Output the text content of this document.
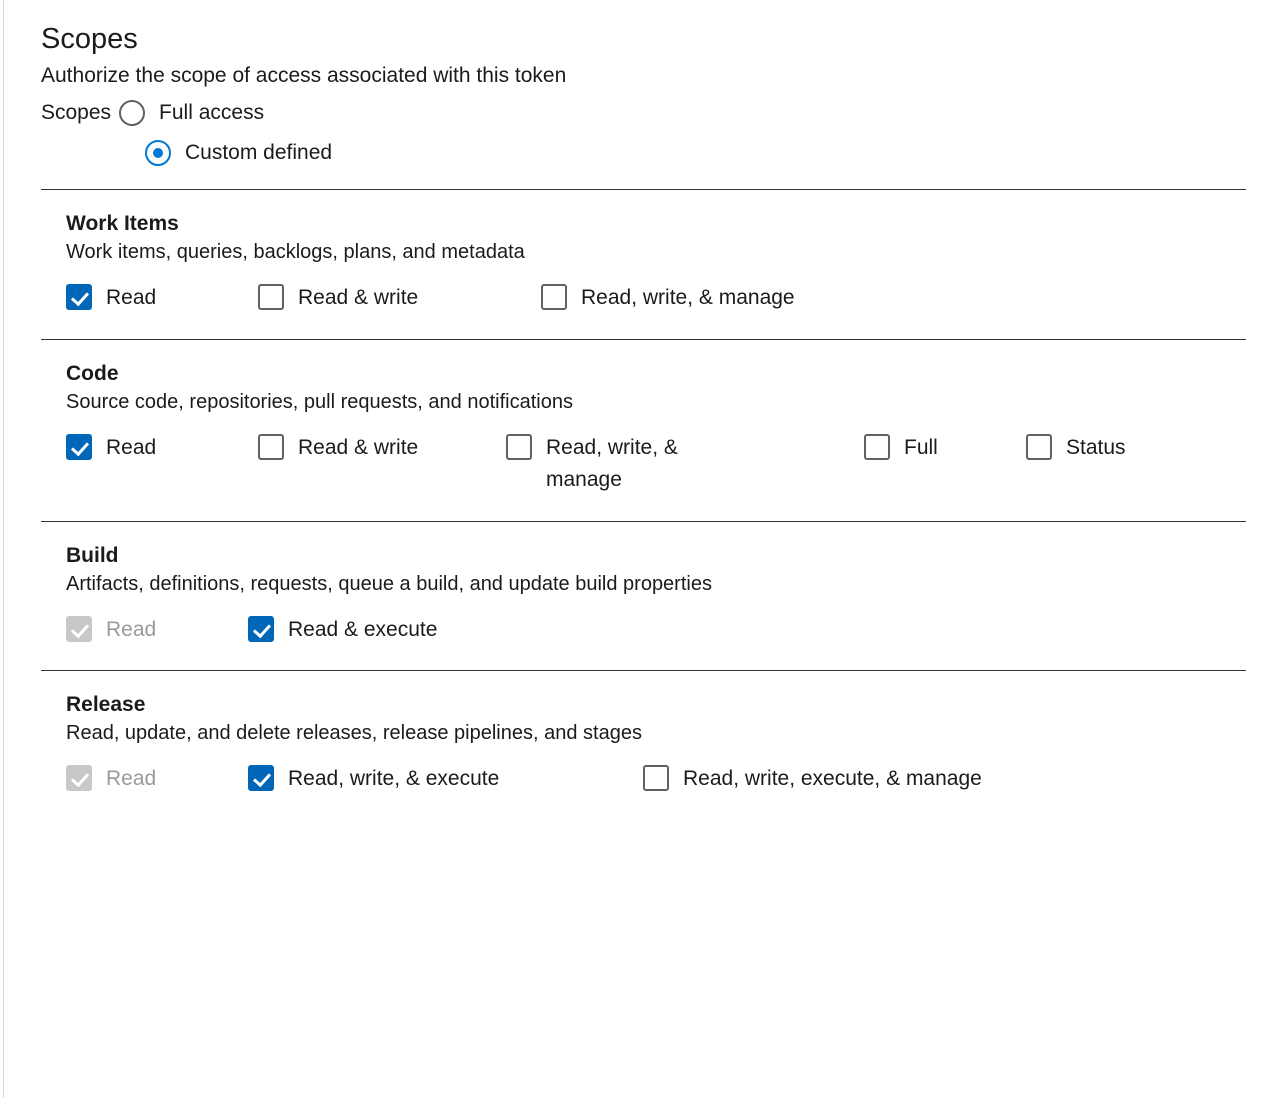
Scopes

Authorize the scope of access associated with this token

Scopes Full access
Custom defined
Work Items
Work items, queries, backlogs, plans, and metadata
Read	Read & write	Read, write, & manage
Code
Source code, repositories, pull requests, and notifications
Read	Read & write	Read, write, & manage
Full	Status
Build
Artifacts, definitions, requests, queue a build, and update build properties
Read	Read & execute
Release
Read, update, and delete releases, release pipelines, and stages
Read	Read, write, & execute	Read, write, execute, & manage
